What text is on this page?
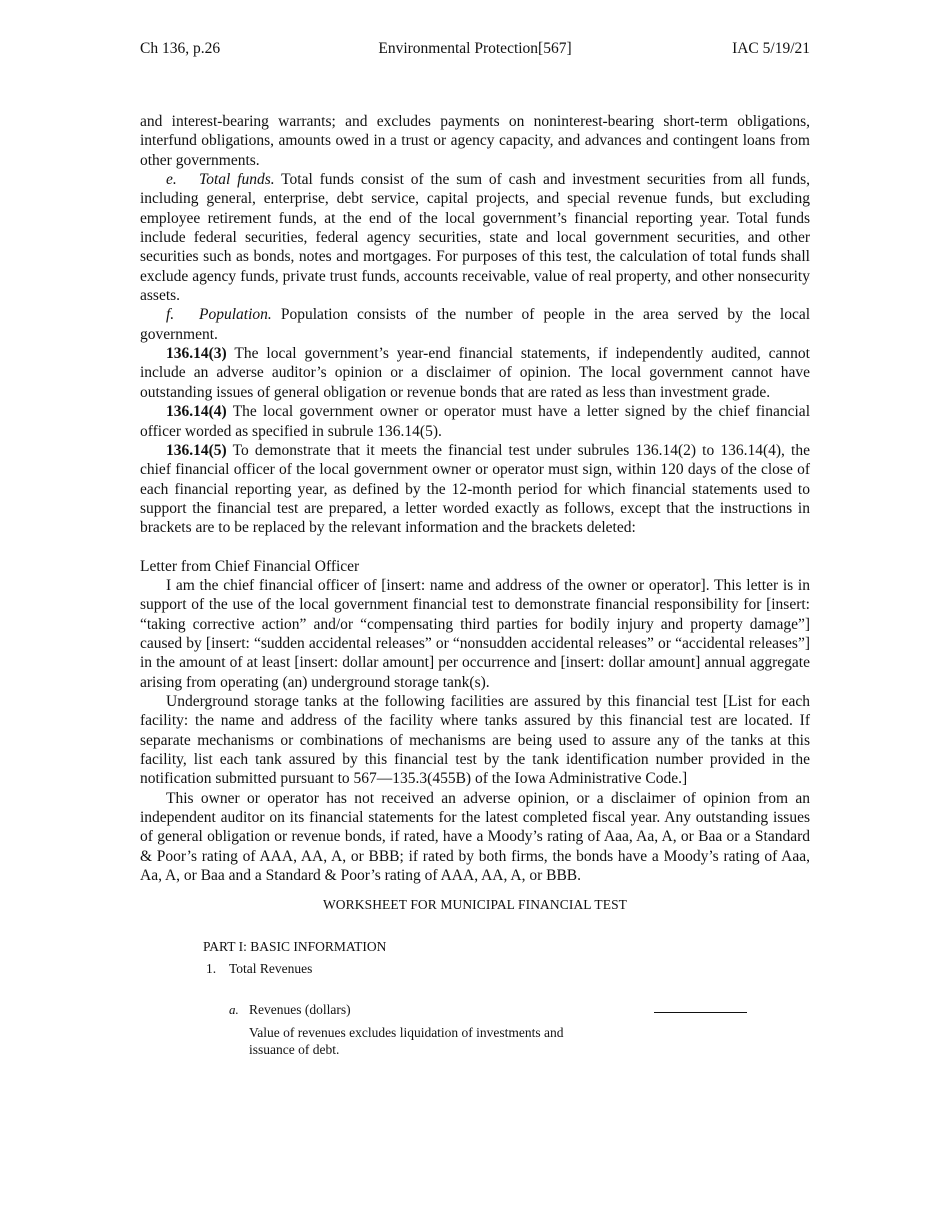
Ch 136, p.26	Environmental Protection[567]	IAC 5/19/21

and interest-bearing warrants; and excludes payments on noninterest-bearing short-term obligations, interfund obligations, amounts owed in a trust or agency capacity, and advances and contingent loans from other governments.

e. Total funds. Total funds consist of the sum of cash and investment securities from all funds, including general, enterprise, debt service, capital projects, and special revenue funds, but excluding employee retirement funds, at the end of the local government’s financial reporting year. Total funds include federal securities, federal agency securities, state and local government securities, and other securities such as bonds, notes and mortgages. For purposes of this test, the calculation of total funds shall exclude agency funds, private trust funds, accounts receivable, value of real property, and other nonsecurity assets.

f. Population. Population consists of the number of people in the area served by the local government.

136.14(3) The local government’s year-end financial statements, if independently audited, cannot include an adverse auditor’s opinion or a disclaimer of opinion. The local government cannot have outstanding issues of general obligation or revenue bonds that are rated as less than investment grade.

136.14(4) The local government owner or operator must have a letter signed by the chief financial officer worded as specified in subrule 136.14(5).

136.14(5) To demonstrate that it meets the financial test under subrules 136.14(2) to 136.14(4), the chief financial officer of the local government owner or operator must sign, within 120 days of the close of each financial reporting year, as defined by the 12-month period for which financial statements used to support the financial test are prepared, a letter worded exactly as follows, except that the instructions in brackets are to be replaced by the relevant information and the brackets deleted:

Letter from Chief Financial Officer

I am the chief financial officer of [insert: name and address of the owner or operator]. This letter is in support of the use of the local government financial test to demonstrate financial responsibility for [insert: “taking corrective action” and/or “compensating third parties for bodily injury and property damage”] caused by [insert: “sudden accidental releases” or “nonsudden accidental releases” or “accidental releases”] in the amount of at least [insert: dollar amount] per occurrence and [insert: dollar amount] annual aggregate arising from operating (an) underground storage tank(s).

Underground storage tanks at the following facilities are assured by this financial test [List for each facility: the name and address of the facility where tanks assured by this financial test are located. If separate mechanisms or combinations of mechanisms are being used to assure any of the tanks at this facility, list each tank assured by this financial test by the tank identification number provided in the notification submitted pursuant to 567—135.3(455B) of the Iowa Administrative Code.]

This owner or operator has not received an adverse opinion, or a disclaimer of opinion from an independent auditor on its financial statements for the latest completed fiscal year. Any outstanding issues of general obligation or revenue bonds, if rated, have a Moody’s rating of Aaa, Aa, A, or Baa or a Standard & Poor’s rating of AAA, AA, A, or BBB; if rated by both firms, the bonds have a Moody’s rating of Aaa, Aa, A, or Baa and a Standard & Poor’s rating of AAA, AA, A, or BBB.

WORKSHEET FOR MUNICIPAL FINANCIAL TEST
PART I: BASIC INFORMATION
1. Total Revenues
a. Revenues (dollars)
Value of revenues excludes liquidation of investments and issuance of debt.
